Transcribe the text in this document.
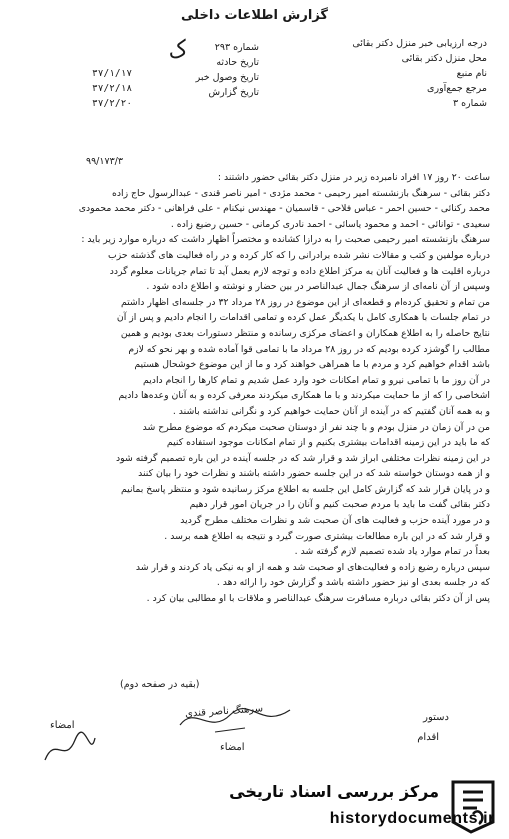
گزارش اطلاعات داخلی
ک	درجه ارزیابی خبر منزل دکتر بقائی
محل منزل دکتر بقائی
نام منبع
مرجع جمع‌آوری
شماره ۳
شماره ۲۹۳
تاریخ حادثه
تاریخ وصول خبر
تاریخ گزارش
۳۷/۱/۱۷
۳۷/۲/۱۸
۳۷/۲/۲۰
۹۹/۱۷۳/۳
ساعت ۲۰ روز ۱۷ افراد نامبرده زیر در منزل دکتر بقائی حضور داشتند :
دکتر بقائی - سرهنگ بازنشسته امیر رحیمی - محمد مژدی - امیر ناصر قندی - عبدالرسول حاج زاده
محمد رکنائی - حسین احمر - عباس فلاحی - قاسمیان - مهندس نیکنام - علی فراهانی - دکتر محمد محمودی
سعیدی - توانائی - احمد و محمود یاسائی - احمد نادری کرمانی - حسین رضیع زاده .
سرهنگ بازنشسته امیر رحیمی صحبت را به درازا کشانده و مختصراً اظهار داشت که درباره موارد زیر باید :
درباره مولفین و کتب و مقالات نشر شده برادرانی را که کار کرده و در راه فعالیت های گذشته حزب
درباره اقلیت ها و فعالیت آنان به مرکز اطلاع داده و توجه لازم بعمل آید تا تمام جریانات معلوم گردد
وسپس از آن نامه‌ای از سرهنگ جمال عبدالناصر در بین حضار و نوشته و اطلاع داده شود .
من تمام و تحقیق کرده‌ام و قطعه‌ای از این موضوع در روز ۲۸ مرداد ۳۲ در جلسه‌ای اظهار داشتم
در تمام جلسات با همکاری کامل با یکدیگر عمل کرده و تمامی اقدامات را انجام دادیم و پس از آن
نتایج حاصله را به اطلاع همکاران و اعضای مرکزی رسانده و منتظر دستورات بعدی بودیم و همین
مطالب را گوشزد کرده بودیم که در روز ۲۸ مرداد ما با تمامی قوا آماده شده و بهر نحو که لازم
باشد اقدام خواهیم کرد و مردم با ما همراهی خواهند کرد و ما از این موضوع خوشحال هستیم
در آن روز ما با تمامی نیرو و تمام امکانات خود وارد عمل شدیم و تمام کارها را انجام دادیم
اشخاصی را که از ما حمایت میکردند و با ما همکاری میکردند معرفی کرده و به آنان وعده‌ها دادیم
و به همه آنان گفتیم که در آینده از آنان حمایت خواهیم کرد و نگرانی نداشته باشند .
من در آن زمان در منزل بودم و با چند نفر از دوستان صحبت میکردم که موضوع مطرح شد
که ما باید در این زمینه اقدامات بیشتری بکنیم و از تمام امکانات موجود استفاده کنیم
در این زمینه نظرات مختلفی ابراز شد و قرار شد که در جلسه آینده در این باره تصمیم گرفته شود
و از همه دوستان خواسته شد که در این جلسه حضور داشته باشند و نظرات خود را بیان کنند
و در پایان قرار شد که گزارش کامل این جلسه به اطلاع مرکز رسانیده شود و منتظر پاسخ بمانیم
دکتر بقائی گفت ما باید با مردم صحبت کنیم و آنان را در جریان امور قرار دهیم
و در مورد آینده حزب و فعالیت های آن صحبت شد و نظرات مختلف مطرح گردید
و قرار شد که در این باره مطالعات بیشتری صورت گیرد و نتیجه به اطلاع همه برسد .
بعداً در تمام موارد یاد شده تصمیم لازم گرفته شد .
سپس درباره رضیع زاده و فعالیت‌های او صحبت شد و همه از او به نیکی یاد کردند و قرار شد
که در جلسه بعدی او نیز حضور داشته باشد و گزارش خود را ارائه دهد .
پس از آن دکتر بقائی درباره مسافرت سرهنگ عبدالناصر و ملاقات با او مطالبی بیان کرد .
(بقیه در صفحه دوم)
سرهنگ ناصر قندی
امضاء
امضاء
دستور
اقدام
مرکز بررسی اسناد تاریخی
historydocuments.ir
